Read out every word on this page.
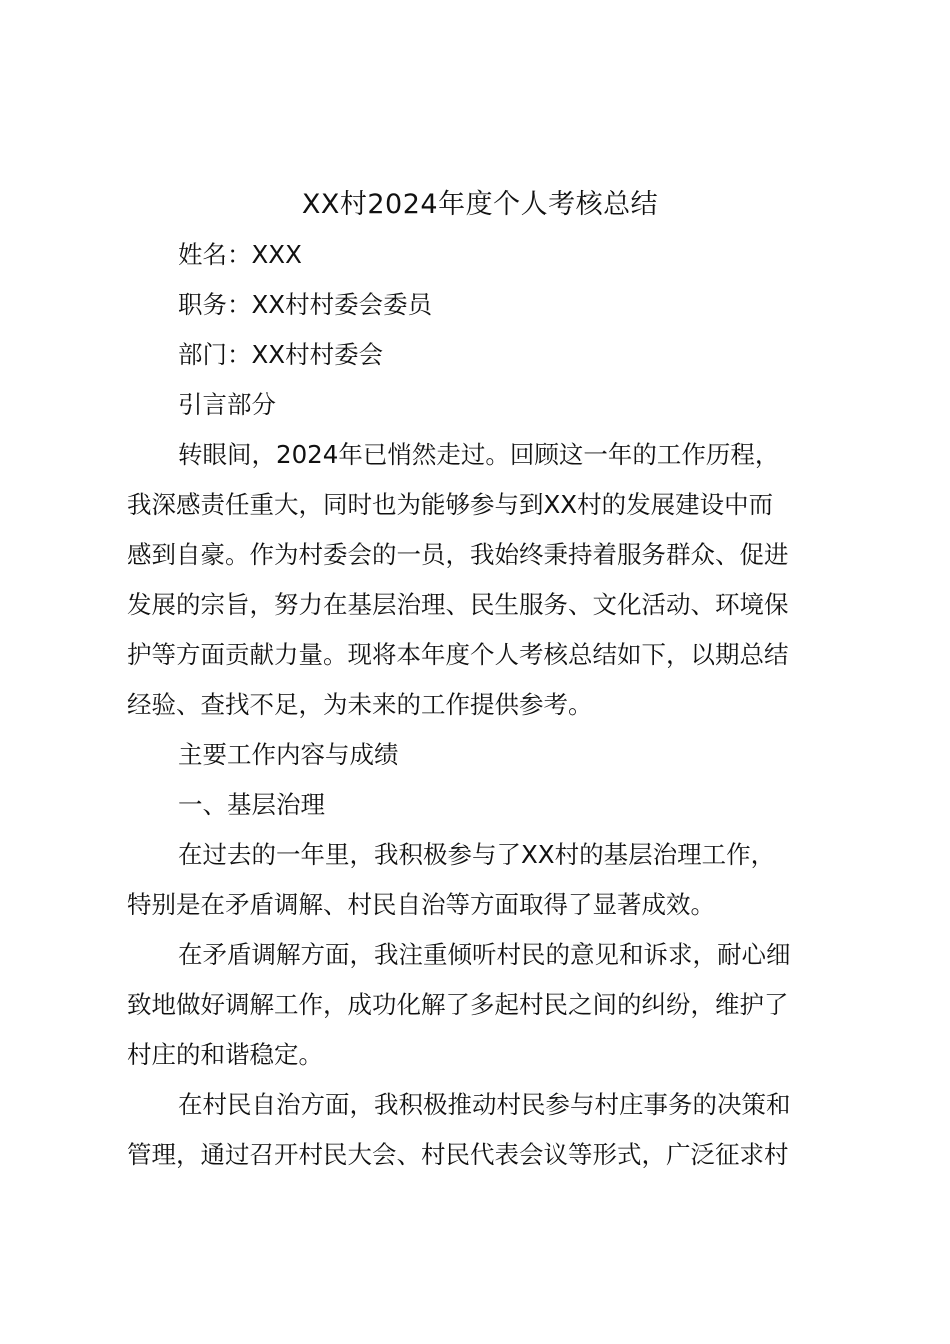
XX村2024年度个人考核总结

姓名：XXX

职务：XX村村委会委员

部门：XX村村委会

引言部分

转眼间，2024年已悄然走过。回顾这一年的工作历程，

我深感责任重大，同时也为能够参与到XX村的发展建设中而

感到自豪。作为村委会的一员，我始终秉持着服务群众、促进

发展的宗旨，努力在基层治理、民生服务、文化活动、环境保

护等方面贡献力量。现将本年度个人考核总结如下，以期总结

经验、查找不足，为未来的工作提供参考。

主要工作内容与成绩

一、基层治理

在过去的一年里，我积极参与了XX村的基层治理工作，

特别是在矛盾调解、村民自治等方面取得了显著成效。

在矛盾调解方面，我注重倾听村民的意见和诉求，耐心细

致地做好调解工作，成功化解了多起村民之间的纠纷，维护了

村庄的和谐稳定。

在村民自治方面，我积极推动村民参与村庄事务的决策和

管理，通过召开村民大会、村民代表会议等形式，广泛征求村
